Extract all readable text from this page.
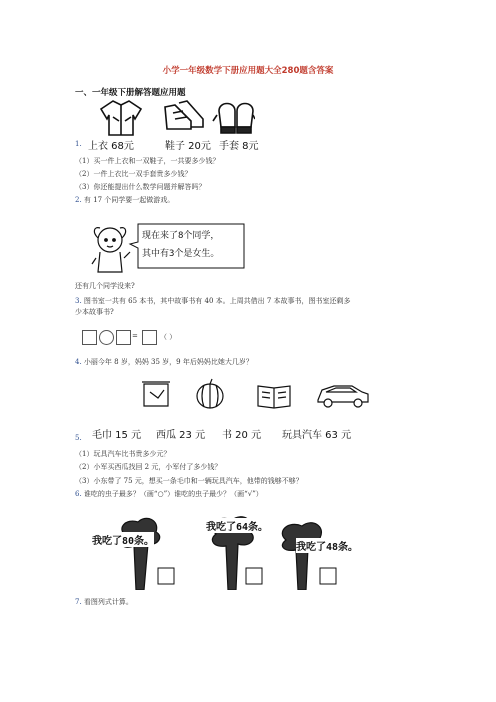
小学一年级数学下册应用题大全280题含答案
一、一年级下册解答题应用题
1. 上衣 68元	鞋子 20元 手套 8元
（1）买一件上衣和一双鞋子，一共要多少钱？
（2）一件上衣比一双手套贵多少钱？
（3）你还能提出什么数学问题并解答吗？
2. 有 17 个同学要一起做游戏。
现在来了8个同学，
其中有3个是女生。
还有几个同学没来?
3. 图书室一共有 65 本书，其中故事书有 40 本。上周共借出 7 本故事书，图书室还剩多
少本故事书?
=	（ ）
4. 小丽今年 8 岁，妈妈 35 岁，9 年后妈妈比她大几岁？
5. 毛巾 15 元 西瓜 23 元 书 20 元 玩具汽车 63 元
（1）玩具汽车比书贵多少元？
（2）小军买西瓜找回 2 元，小军付了多少钱？
（3）小东带了 75 元，想买一条毛巾和一辆玩具汽车，他带的钱够不够？
6. 谁吃的虫子最多？（画“○”）谁吃的虫子最少？（画“√”）
我吃了80条。
我吃了64条。
我吃了48条。
7. 看图列式计算。
